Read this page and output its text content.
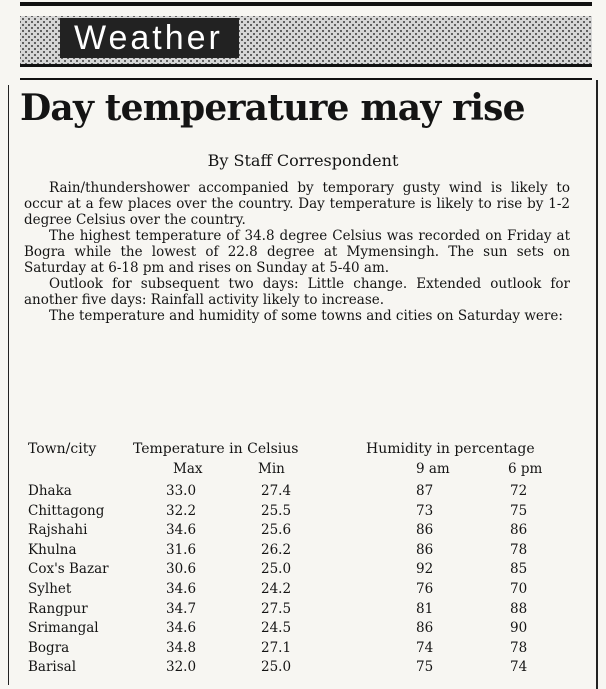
Weather
Day temperature may rise
By Staff Correspondent

Rain/thundershower accompanied by temporary gusty wind is likely to occur at a few places over the country. Day temperature is likely to rise by 1-2 degree Celsius over the country.

The highest temperature of 34.8 degree Celsius was recorded on Friday at Bogra while the lowest of 22.8 degree at Mymensingh. The sun sets on Saturday at 6-18 pm and rises on Sunday at 5-40 am.

Outlook for subsequent two days: Little change. Extended outlook for another five days: Rainfall activity likely to increase.

The temperature and humidity of some towns and cities on Saturday were:

Town/city	Temperature in Celsius	Humidity in percentage
Max	Min	9 am	6 pm
Dhaka	33.0	27.4	87	72
Chittagong	32.2	25.5	73	75
Rajshahi	34.6	25.6	86	86
Khulna	31.6	26.2	86	78
Cox's Bazar	30.6	25.0	92	85
Sylhet	34.6	24.2	76	70
Rangpur	34.7	27.5	81	88
Srimangal	34.6	24.5	86	90
Bogra	34.8	27.1	74	78
Barisal	32.0	25.0	75	74
